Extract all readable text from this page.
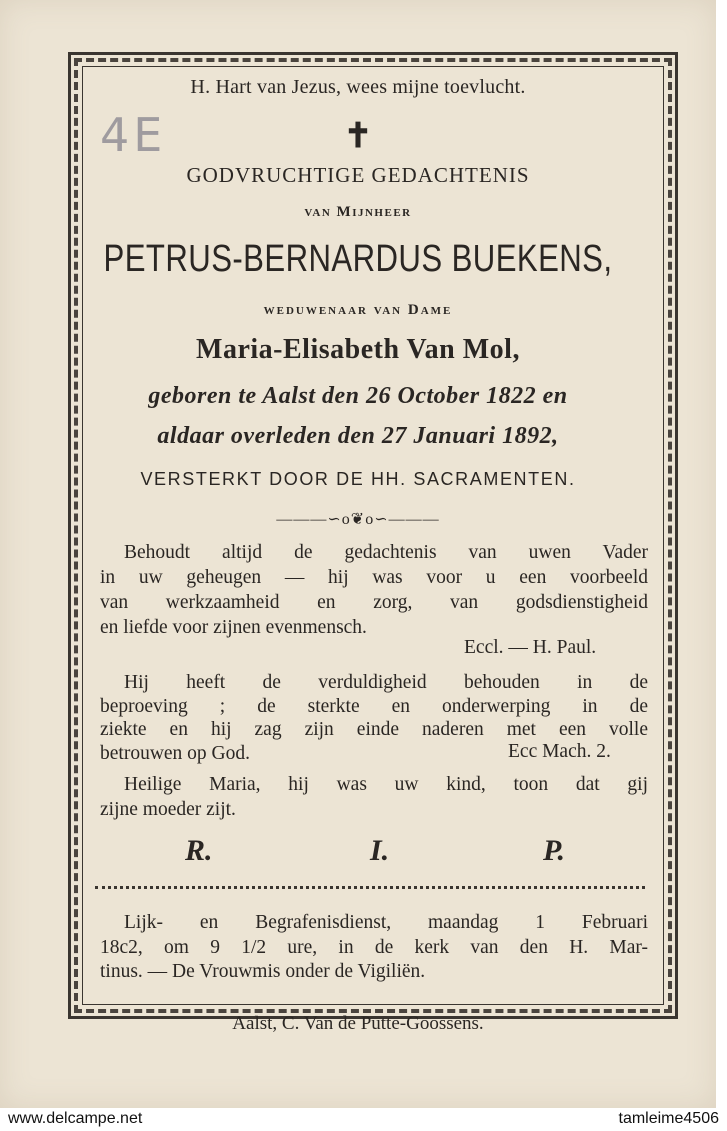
H. Hart van Jezus, wees mijne toevlucht.
4E	✝
GODVRUCHTIGE GEDACHTENIS
van Mijnheer
PETRUS-BERNARDUS BUEKENS,
weduwenaar van Dame
Maria-Elisabeth Van Mol,
geboren te Aalst den 26 October 1822 en
aldaar overleden den 27 Januari 1892,
VERSTERKT DOOR DE HH. SACRAMENTEN.
———∽o❦o∽———
Behoudt altijd de gedachtenis van uwen Vader
in uw geheugen — hij was voor u een voorbeeld
van werkzaamheid en zorg, van godsdienstigheid
en liefde voor zijnen evenmensch.
Eccl. — H. Paul.
Hij heeft de verduldigheid behouden in de
beproeving ; de sterkte en onderwerping in de
ziekte en hij zag zijn einde naderen met een volle
betrouwen op God.	Ecc Mach. 2.
Heilige Maria, hij was uw kind, toon dat gij
zijne moeder zijt.
R.	I.	P.
Lijk- en Begrafenisdienst, maandag 1 Februari
18c2, om 9 1/2 ure, in de kerk van den H. Mar-
tinus. — De Vrouwmis onder de Vigiliën.
Aalst, C. Van de Putte-Goossens.
www.delcampe.net	tamleime4506
